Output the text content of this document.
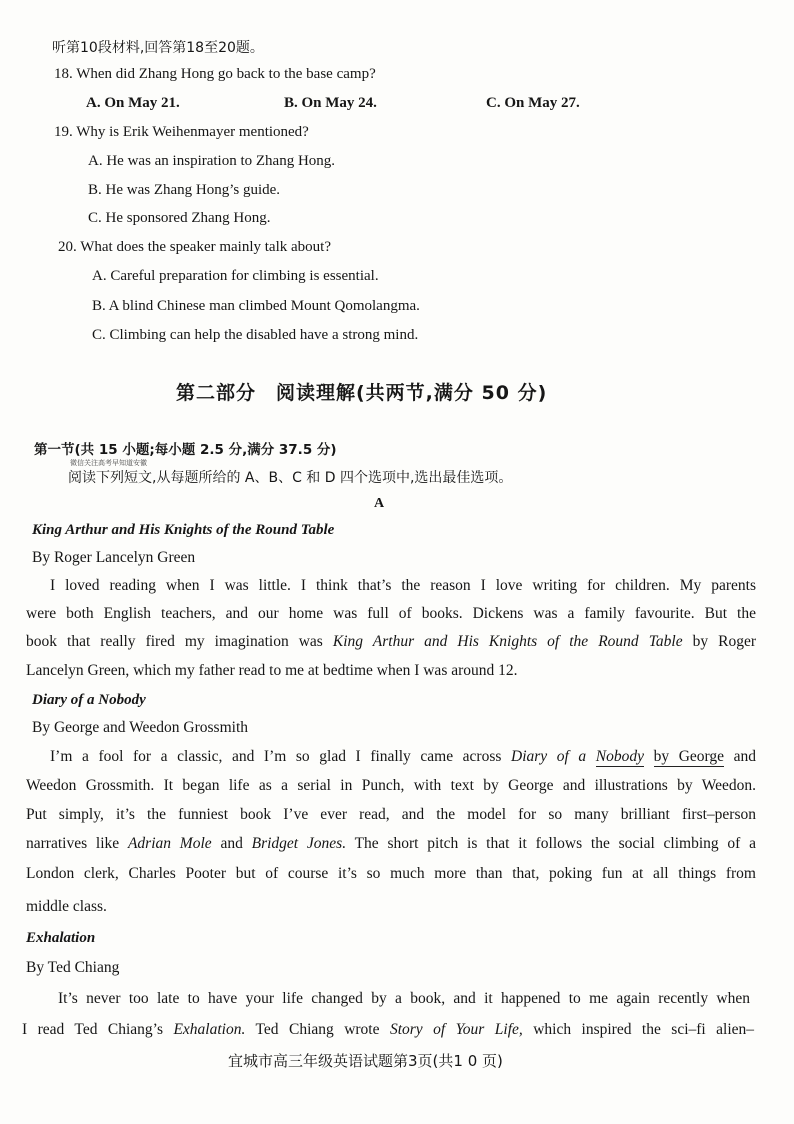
听第10段材料,回答第18至20题。
18. When did Zhang Hong go back to the base camp?
A. On May 21.	B. On May 24.	C. On May 27.
19. Why is Erik Weihenmayer mentioned?
A. He was an inspiration to Zhang Hong.
B. He was Zhang Hong’s guide.
C. He sponsored Zhang Hong.
20. What does the speaker mainly talk about?
A. Careful preparation for climbing is essential.
B. A blind Chinese man climbed Mount Qomolangma.
C. Climbing can help the disabled have a strong mind.
第二部分　阅读理解(共两节,满分 50 分)
第一节(共 15 小题;每小题 2.5 分,满分 37.5 分)
微信关注高考早知道安徽
阅读下列短文,从每题所给的 A、B、C 和 D 四个选项中,选出最佳选项。
A
King Arthur and His Knights of the Round Table
By Roger Lancelyn Green
I loved reading when I was little. I think that’s the reason I love writing for children. My parents
were both English teachers, and our home was full of books. Dickens was a family favourite. But the
book that really fired my imagination was King Arthur and His Knights of the Round Table by Roger
Lancelyn Green, which my father read to me at bedtime when I was around 12.
Diary of a Nobody
By George and Weedon Grossmith
I’m a fool for a classic, and I’m so glad I finally came across Diary of a Nobody by George and
Weedon Grossmith. It began life as a serial in Punch, with text by George and illustrations by Weedon.
Put simply, it’s the funniest book I’ve ever read, and the model for so many brilliant first–person
narratives like Adrian Mole and Bridget Jones. The short pitch is that it follows the social climbing of a
London clerk, Charles Pooter but of course it’s so much more than that, poking fun at all things from
middle class.
Exhalation
By Ted Chiang
It’s never too late to have your life changed by a book, and it happened to me again recently when
I read Ted Chiang’s Exhalation. Ted Chiang wrote Story of Your Life, which inspired the sci–fi alien–
宜城市高三年级英语试题第3页(共1 0 页)
